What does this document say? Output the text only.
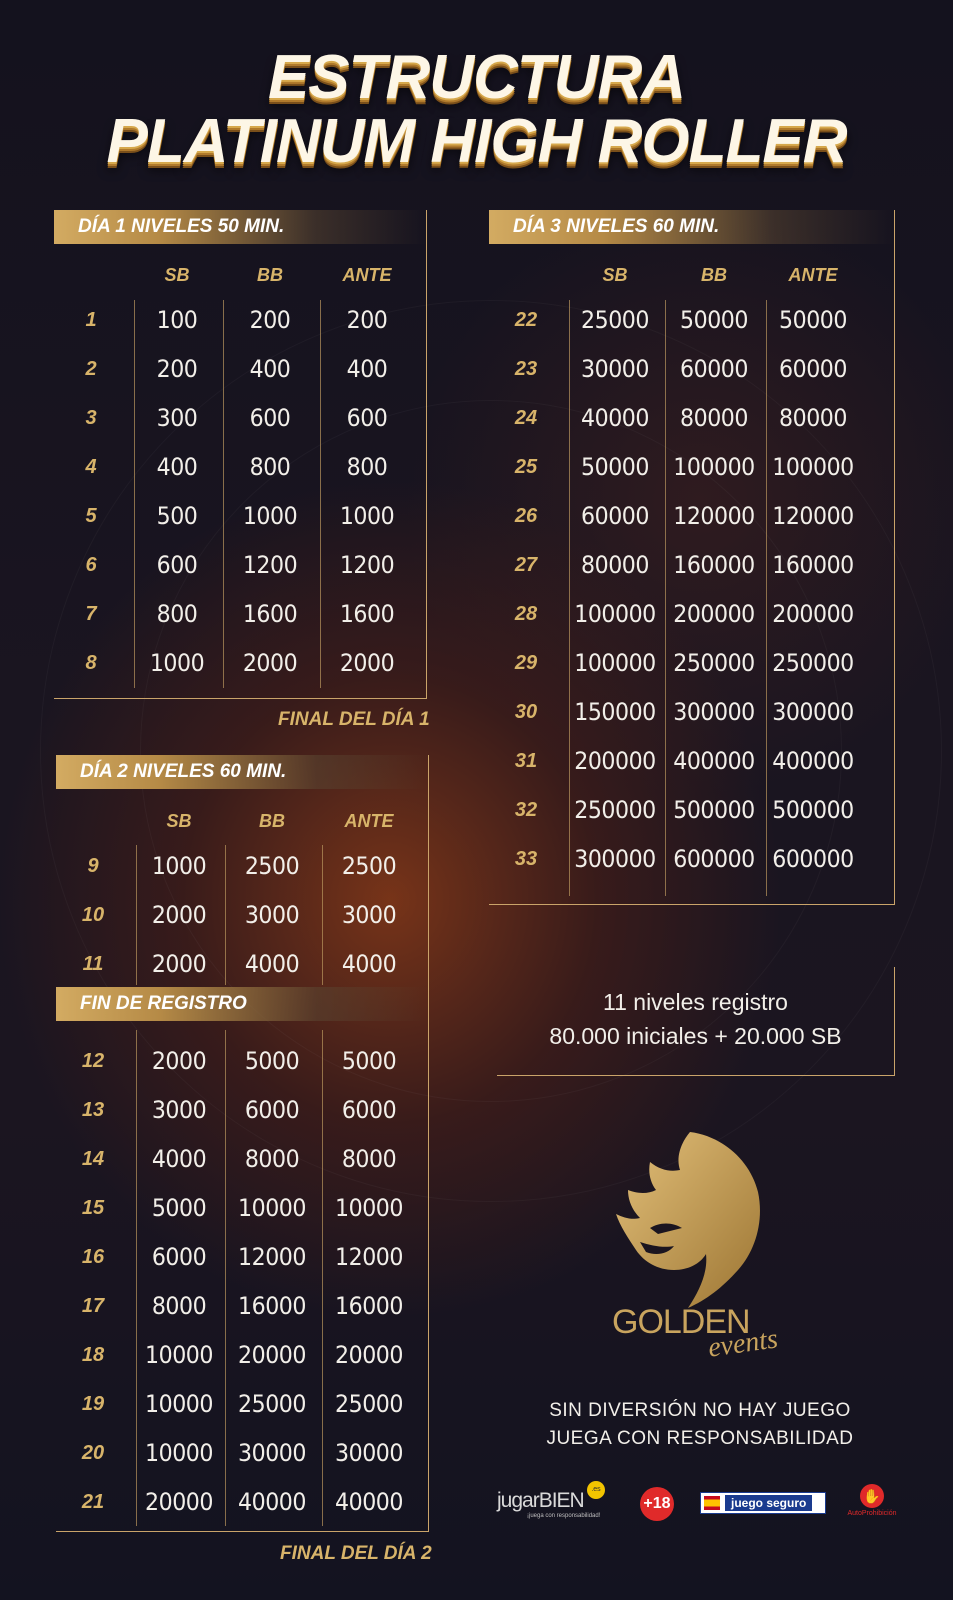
ESTRUCTURA
PLATINUM HIGH ROLLER
DÍA 1 NIVELES 50 MIN.
FINAL DEL DÍA 1
DÍA 2 NIVELES 60 MIN.
FIN DE REGISTRO
FINAL DEL DÍA 2
DÍA 3 NIVELES 60 MIN.
11 niveles registro
80.000 iniciales + 20.000 SB
GOLDEN
events
SIN DIVERSIÓN NO HAY JUEGO
JUEGA CON RESPONSABILIDAD
jugarBIEN	.es
¡juega con responsabilidad!
+18	juego seguro	✋
AutoProhibición
SB	BB	ANTE
1	100	200	200
2	200	400	400
3	300	600	600
4	400	800	800
5	500	1000	1000
6	600	1200	1200
7	800	1600	1600
8	1000	2000	2000
SB	BB	ANTE
9	1000	2500	2500
10	2000	3000	3000
11	2000	4000	4000
12	2000	5000	5000
13	3000	6000	6000
14	4000	8000	8000
15	5000	10000	10000
16	6000	12000	12000
17	8000	16000	16000
18	10000	20000	20000
19	10000	25000	25000
20	10000	30000	30000
21	20000	40000	40000
SB	BB	ANTE
22	25000	50000	50000
23	30000	60000	60000
24	40000	80000	80000
25	50000	100000 100000
26	60000	120000 120000
27	80000	160000 160000
28	100000 200000 200000
29	100000 250000 250000
30	150000 300000 300000
31	200000 400000 400000
32	250000 500000 500000
33	300000 600000 600000
